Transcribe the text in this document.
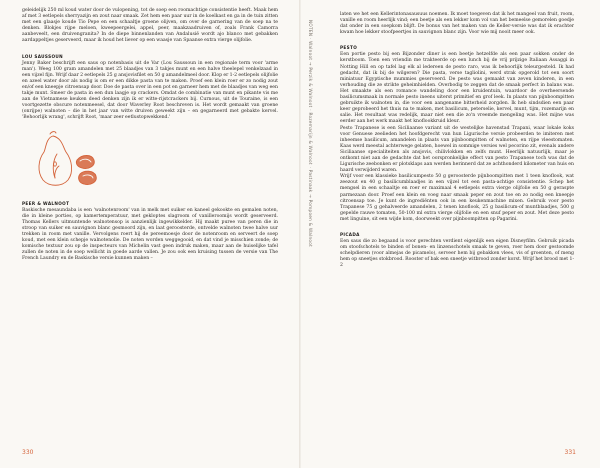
geleidelijk 250 ml koud water door de vulopening, tot de soep een roomachtige consistentie heeft. Maak hem af met 3 eetlepels sherryazijn en zout naar smaak. Zet hem een paar uur in de koelkast en ga in de tuin zitten met een glaasje koude Tio Pepe en een schaaltje groene olijven, om over de garnering van de soep na te denken. Blokjes rijpe meloen, kweepeergelei, appel, peer, maakzaadruiven of, zoals Frank Camorra aanbeveelt, een druivengranita? In de diepe binnenlanden van Andalusië wordt ajo blanco met gebakken aardappeltjes geserveerd, maar ik houd het liever op een waasje van Spaanse extra vierge olijfolie.

LOU SAUSSOUN

Jenny Baker beschrijft een saus op notenbasis uit de Var (Lou Saussoun in een regionale term voor 'arme man'). Weeg 100 gram amandelen met 25 blaadjes van 3 takjes munt en een halve theelepel venkelzaad in een vijzel fijn. Wrijf daar 2 eetlepels 25 g ansjovisfilet en 50 g amandelmeel door. Klop er 1-2 eetlepels olijfolie en azeel water door als nodig is om er een dikke pasta van te maken. Proef een klein roer er zo nodig zout en/of een kneepje citroensap door. Doe de pasta over in een pot en garneer hem met de blaadjes van weg een takje munt. Smeer de pasta in een dun laagje op crackers. Omdat de combinatie van munt en pikante vis me aan de Vietnamese keuken deed denken zijn ik er witte-rijstcrackers bij. Curnous, uit de Touraine, is een voortgezette obscure notenmeesel, dat door Waverley Root beschreven is. Het wordt gemaakt van groene (onrijpe) walnoten – die in het jaar van witte druiven geweekt zijn – en gegarneerd met gebakte kervel. 'Behoorlijk wrang', schrijft Root, 'maar zeer eetlustopwekkend.'

PEER & WALNOOT

Baskische mesaundaba is een 'walnotenroom' van in melk met suiker en kaneel gekookte en gemalen noten, die in kleine porties, op kamertemperatuur, met gekloptes slagroom of vanilleroomijs wordt geserveerd. Thomas Kellers uitmuntende walnotensop is aanzienlijk ingewikkelder. Hij maakt puree van peren die in stroop van suiker en sauvignon blanc gesmoord zijn, en laat geroosterde, ontvelde walnoten twee halve uur trekken in room met vanille. Vervolgens roert hij de pereemoesje door de notenroom en serveert de soep koud, met een klein schepje walnotenolie. De noten worden weggegooid, en dat vind je misschien zonde; de komische textuur zou op de inspecteurs van Michelin vast geen indruk maken, maar aan de huiselijke tafel zullen de noten in de soep wellicht in goede aarde vallen. Je zou ook een kruising tussen de versie van The French Laundry en de Baskische versie kunnen maken –

330
NOTEN · Walnoot → Perzik & Walnoot · Rozemarijn & Walnoot · Pastinaak → Pompoen & Walnoot

laten we het een Kellerintonasausuus noemen. Ik moet toegeven dat ik het mangeel van fruit, room, vanille en room heerlijk vind; een beetje als een lekker kom vol van het bemeelse gemorelen goedje dat onder in een soepkom blijft. De bonus van het maken van de Keller-versie was dat ik erachter kwam hoe lekker stoofpeertjes in sauvignon blanc zijn. Voor wie mij nooit meer ook.

PESTO

Een portie pesto bij een Bijzonder diner is een beetje hetzelfde als een paar sokken onder de kerstboom. Toen een vriendin me trakteerde op een lunch bij de vrij prijzige Italiaan Assaggi in Notting Hill en op tafel lag elk al ledereen de pesto raro, was ik behoorlijk teleurgesteld. Ik had gedacht, dat ik bij de wilgeren? Die pasta, verse tagliolini, werd strak opgerold tot een soort miniatuur Egyptische mummies geserveerd. De pesto was gemaakt van zeven kinderen, in een verhouding die ze strikte geheimhielden. Overbodig te zeggen dat de smaak perfect in balans was. Het smaakte als een romance wandeling door een kruidentuin, waardoor de overheersende basilicumsmaak in normale pesto ineens uiterst primitief en grof leek. In plaats van pijnboompitten gebruikte ik walnoten in, die voor een aangename bitterheid zorgden. Ik heb sindsdien een paar keer geprobeerd het thuis na te maken, met basilicum, peterselie, kervel, munt, tijm, rozemarijn en salie. Het resultaat was redelijk, maar niet een die zo'n vreemde mengeling was. Het mijne was eerder aan het werk maakt het knoflookkruid kleur.

Pesto Trapanese is een Siciliaanse variant uit de westelijke havenstad Trapani, waar lokale koks voor Genuese zeelieden het hoofdgerecht van hun Ligurische versie probeerden te imiteren met inheemse basilicum, amandelen in plaats van pijnboompitten of walnoten, en rijpe vleestomaten. Kaas werd meestal achterwege gelaten, hoewel in sommige versies wel pecorino zit, evenals andere Siciliaanse specialiteiten als ansjovis, chilivlokken en zelfs munt. Heerlijk natuurlijk, maar je ontkomt niet aan de gedachte dat het oorspronkelijke effect van pesto Trapanese toch was dat de Ligurische zeebonken er plotsklaps aan werden herinnerd dat ze achthonderd kilometer van huis en haard verwijderd waren.

Wrijf voor een klassieke basilicumpesto 50 g geroosterde pijnboompitten met 1 teen knoflook, wat zeezout en 40 g basilicumblaadjes in een vijzel tot een pasta-achtige consistentie. Schep het mengsel in een schaaltje en roer er maximaal 4 eetlepels extra vierge olijfolie en 50 g geraspte parmezaan door. Proef een klein en voeg naar smaak peper en zout toe en zo nodig een kneepje citroensap toe. Je kunt de ingrediënten ook in een keukenmachine mixen. Gebruik voor pesto Trapanese 75 g gehalveerde amandelen, 2 tenen knoflook, 25 g basilicum-of muntblaadjes, 500 g gepelde rauwe tomaten, 50-100 ml extra vierge olijfolie en een snuf peper en zout. Met deze pesto met linguine, sit een wijde kom, doorweekt over pijnboompitten op Pagarini.

PICADA

Een saus die zo begaand is voor gerechten verdient eigenlijk een eigen Disneyfilm. Gebruik picada om stoofschotels te binden of bonen- en linzenschotels smaak te geven, roer hem door gestoomde schelpdieren (voor almejas de picamelo), serveer hem bij gebakken vlees, vis of groenten, of meng hem op sneetjes stokbrood. Rooster of bak een sneetje witbrood zonder korst. Wrijf het brood met 1-2

331
